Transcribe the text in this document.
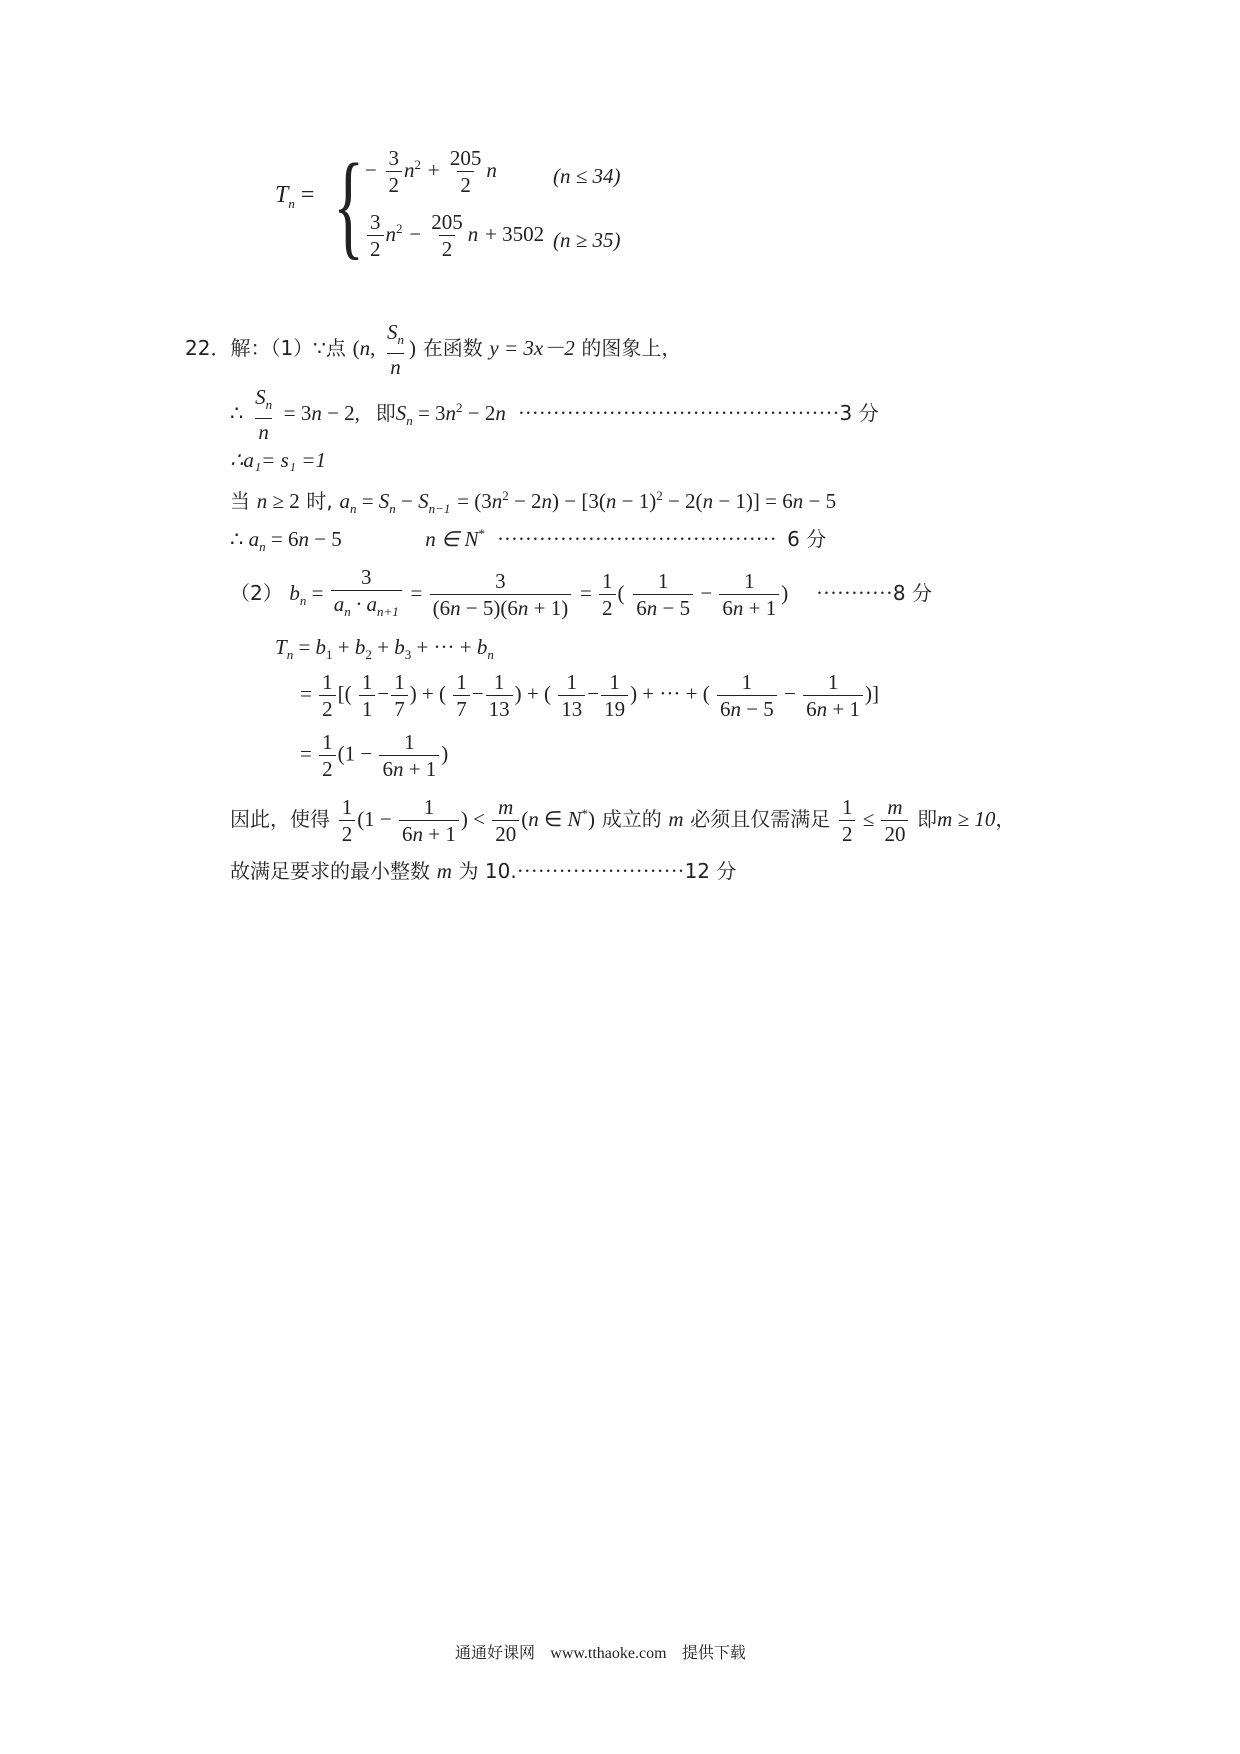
$T_n$ = { − $\frac{3}{2} n^2 + \frac{205}{2}$ n	(n ≤ 34)
$\frac{3}{2} n^2 - \frac{205}{2}$ n + 3502 (n ≥ 35)
22．解：（1）∵点 (n, $\frac{S_n}{n}$ ) 在函数 y = 3x－2 的图象上，
∴ $\frac{S_n}{n} = 3n - 2$,   即$S_n = 3n^2 - 2n \cdot\cdot\cdot\cdot\cdot\cdot\cdot\cdot\cdot\cdot\cdot\cdot\cdot\cdot\cdot\cdot\cdot\cdot\cdot\cdot\cdot\cdot\cdot\cdot\cdot\cdot\cdot\cdot\cdot\cdot\cdot\cdot\cdot\cdot\cdot\cdot\cdot\cdot\cdot\cdot\cdot\cdot\cdot\cdot\cdot\cdot 3$ 分
∴a₁= s₁ =1
当 n ≥ 2 时, $a_n = S_n - S_{n-1} = (3n^2 - 2n) - [3(n - 1)^2 - 2(n - 1)] = 6n - 5$
∴ $a_n = 6n - 5$	n ∈ N*  ········································  6 分
（2） $b_n = \frac{3}{a_n \cdot a_{n+1}} = \frac{3}{(6n - 5)(6n + 1)} = \frac{1}{2}$ ( $\frac{1}{6n - 5} - \frac{1}{6n + 1}$ )     ···········8 分
$T_n = b_1 + b_2 + b_3$ + ··· + $b_n$
= $\frac{1}{2}$ [( $\frac{1}{1} - \frac{1}{7}$ ) + ( $\frac{1}{7} - \frac{1}{13}$ ) + ( $\frac{1}{13} - \frac{1}{19}$ ) + ··· + ( $\frac{1}{6n - 5} - \frac{1}{6n + 1}$ )]
= $\frac{1}{2} (1 - \frac{1}{6n + 1}$ )
因此，使得 $\frac{1}{2} (1 - \frac{1}{6n + 1}$ ) < $\frac{m}{20} (n$ ∈ N*) 成立的 m 必须且仅需满足 $\frac{1}{2} \le \frac{m}{20}$ 即m ≥ 10，
故满足要求的最小整数 m 为 10.························12 分
通通好课网 www.tthaoke.com 提供下载
